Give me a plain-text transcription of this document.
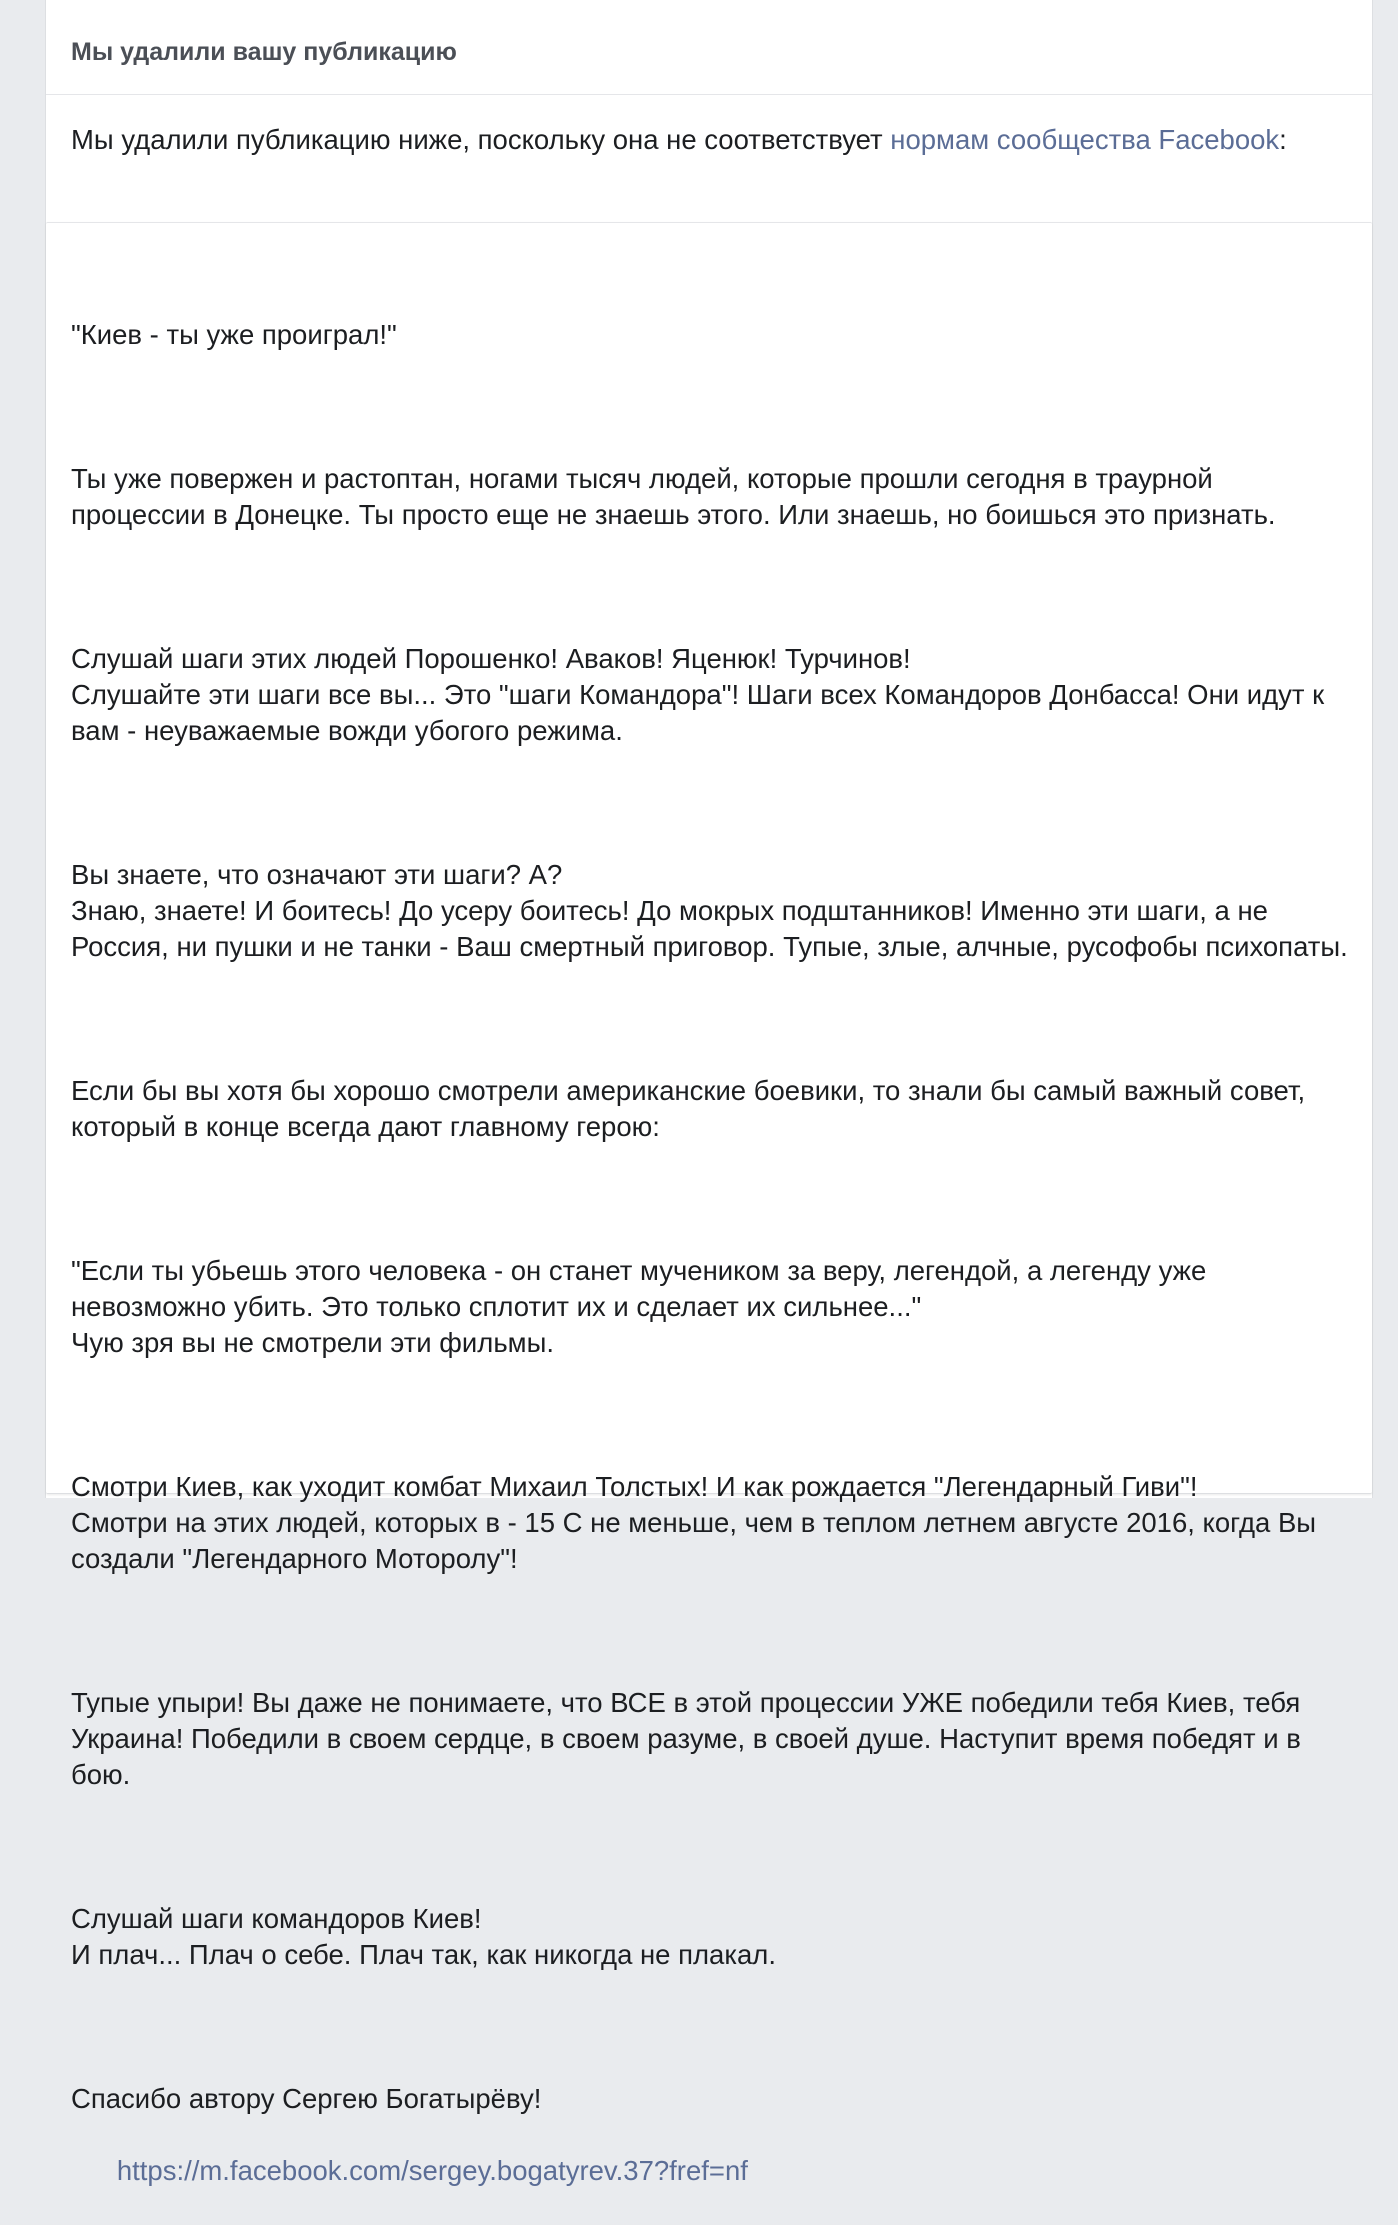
Мы удалили вашу публикацию
Мы удалили публикацию ниже, поскольку она не соответствует нормам сообщества Facebook:

"Киев - ты уже проиграл!"

Ты уже повержен и растоптан, ногами тысяч людей, которые прошли сегодня в траурной процессии в Донецке. Ты просто еще не знаешь этого. Или знаешь, но боишься это признать.

Слушай шаги этих людей Порошенко! Аваков! Яценюк! Турчинов!
Слушайте эти шаги все вы... Это "шаги Командора"! Шаги всех Командоров Донбасса! Они идут к вам - неуважаемые вожди убогого режима.

Вы знаете, что означают эти шаги? А?
Знаю, знаете! И боитесь! До усеру боитесь! До мокрых подштанников! Именно эти шаги, а не Россия, ни пушки и не танки - Ваш смертный приговор. Тупые, злые, алчные, русофобы психопаты.

Если бы вы хотя бы хорошо смотрели американские боевики, то знали бы самый важный совет, который в конце всегда дают главному герою:

"Если ты убьешь этого человека - он станет мучеником за веру, легендой, а легенду уже невозможно убить. Это только сплотит их и сделает их сильнее..."
Чую зря вы не смотрели эти фильмы.

Смотри Киев, как уходит комбат Михаил Толстых! И как рождается "Легендарный Гиви"!
Смотри на этих людей, которых в - 15 С не меньше, чем в теплом летнем августе 2016, когда Вы создали "Легендарного Моторолу"!

Тупые упыри! Вы даже не понимаете, что ВСЕ в этой процессии УЖЕ победили тебя Киев, тебя Украина! Победили в своем сердце, в своем разуме, в своей душе. Наступит время победят и в бою.

Слушай шаги командоров Киев!
И плач... Плач о себе. Плач так, как никогда не плакал.

Спасибо автору Сергею Богатырёву!

https://m.facebook.com/sergey.bogatyrev.37?fref=nf
